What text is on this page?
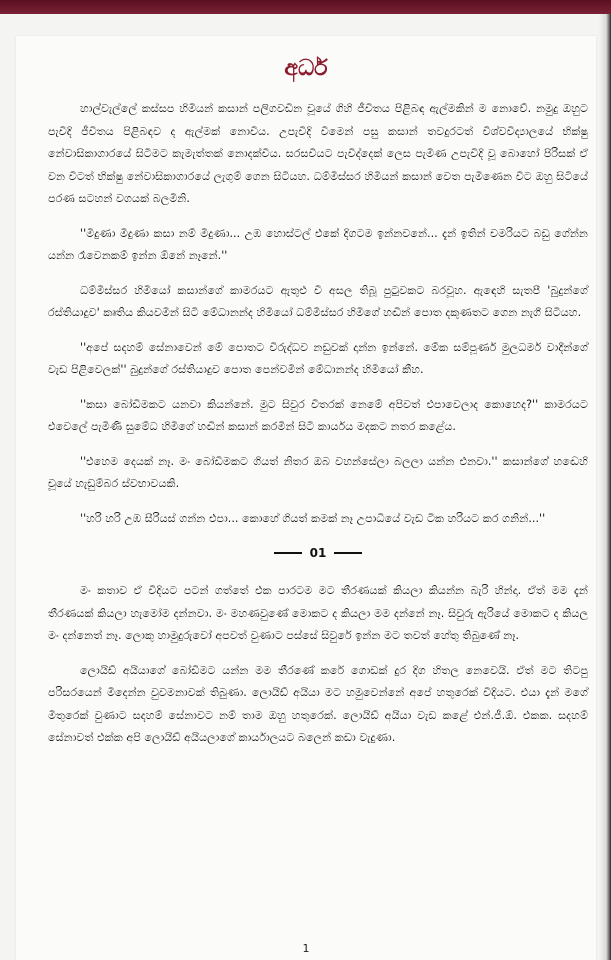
අර්ධ

හාල්වැල්ලේ කස්සප හිමියන් කසාන් පලිගවඩින චූයේ ගිහි ජීවිතය පිළිබඳ ඇල්මකින් ම නොවේ. නමුදු ඔහුට පැවිදි ජීවිතය පිළිබඳව ද ඇල්මක් නොවීය. උපැවිදි වීමෙන් පසු කසාන් තවදුරටත් විශ්වවිද්‍යාලයේ භික්ෂු නේවාසිකාගාරයේ සිටීමට කැමැත්තක් නොදක්වීය. සරසවියට පැවිද්දෙක් ලෙස පැමිණ උපැවිදි වූ බොහෝ පිරිසක් ඒ වන විටත් භික්ෂු නේවාසිකාගාරයේ ලැගුම් ගෙන සිටියහ. ධම්මිස්සර හිමියන් කසාන් වෙත පැමිණෙන විට ඔහු සිටියේ පරණ සටහන් වගයක් බලමිනි.

''මිදුණා මිදුණා කසා නම් මිදුණා... උඹ හොස්ටල් එකේ දිගටම ඉන්නවනේ... දැන් ඉතින් චමරියට බඩු ගේන්න යන්න රෑවෙනකම් ඉන්න ඕනේ නෑනේ.''

ධම්මිස්සර හිමියෝ කසාන්ගේ කාමරයට ඇතුළු වී අසල තිබූ පුටුවකට බරවූහ. ඇඳෙහි සැතපී 'බුදුන්ගේ රස්තියාදුව' කෘතිය කියවමින් සිටි මේධානන්ද හිමියෝ ධම්මිස්සර හිමිගේ හඬින් පොත දකුණතට ගෙන නැගී සිටියහ.

''අපේ සදහම් සේනාවෙන් මේ පොතට විරුද්ධව නඩුවක් දාන්න ඉන්නේ. මේක සම්පූර්ණ මුලධර්ම වාදීන්ගේ වැඩ පිළිවෙලක්'' බුදුන්ගේ රස්තියාදුව පොත පෙන්වමින් මේධානන්ද හිමියෝ කීහ.

''කසා බෝඩිමකට යනවා කියන්නේ. මුට සිවුර විතරක් නෙමේ අපිවත් එපාවෙලාද කොහෙද?'' කාමරයට එවෙලේ පැමිණි සුමේධ හිමිගේ හඬින් කසාන් කරමින් සිටි කාර්යය මදකට නතර කළේය.

''එහෙම දෙයක් නෑ. මං බෝඩිමකට ගියත් නිතර ඔබ වහන්සේලා බලලා යන්න එනවා.'' කසාන්ගේ හඬෙහි චූයේ හැඩුම්බර ස්වභාවයකි.

''හරි හරි උඹ සීරියස් ගන්න එපා... කොහේ ගියත් කමක් නෑ උපාධියේ වැඩ ටික හරියට කර ගනින්...''

01

මං කතාව ඒ විදියට පටන් ගත්තේ එක පාරටම මට තීරණයක් කියලා කියන්න බැරි හින්දා. ඒත් මම දැන් තීරණයක් කියලා හැමෝම දන්නවා. මං මහණවුණේ මොකට ද කියලා මම දන්නේ නෑ. සිවුරු ඇරියේ මොකට ද කියල මං දන්නෙත් නෑ. ලොකු හාමුදුරුවෝ අපවත් වුණාට පස්සේ සිවුරේ ඉන්න මට තවත් හේතු තිබුණේ නෑ.

ලොයිඩ් අයියාගේ බෝඩිමට යන්න මම තීරණේ කරේ ගොඩක් දුර දිග හිතල නෙවෙයි. ඒත් මට තිටපු පරිසරයෙන් මිදෙන්න වුවමනාවක් තිබුණා. ලොයිඩ් අයියා මට හමුවෙන්නේ අපේ හතුරෙක් විදියට. එයා දැන් මගේ මිතුරෙක් වුණාට සදහම් සේනාවට නම් තාම ඔහු හතුරෙක්. ලොයිඩ් අයියා වැඩ කළේ එන්.ජී.ඕ. එකක. සදහම් සේනාවත් එක්ක අපි ලොයිඩ් අයියලාගේ කාර්යාලයට බලෙන් කඩා වැදුණා.

1
